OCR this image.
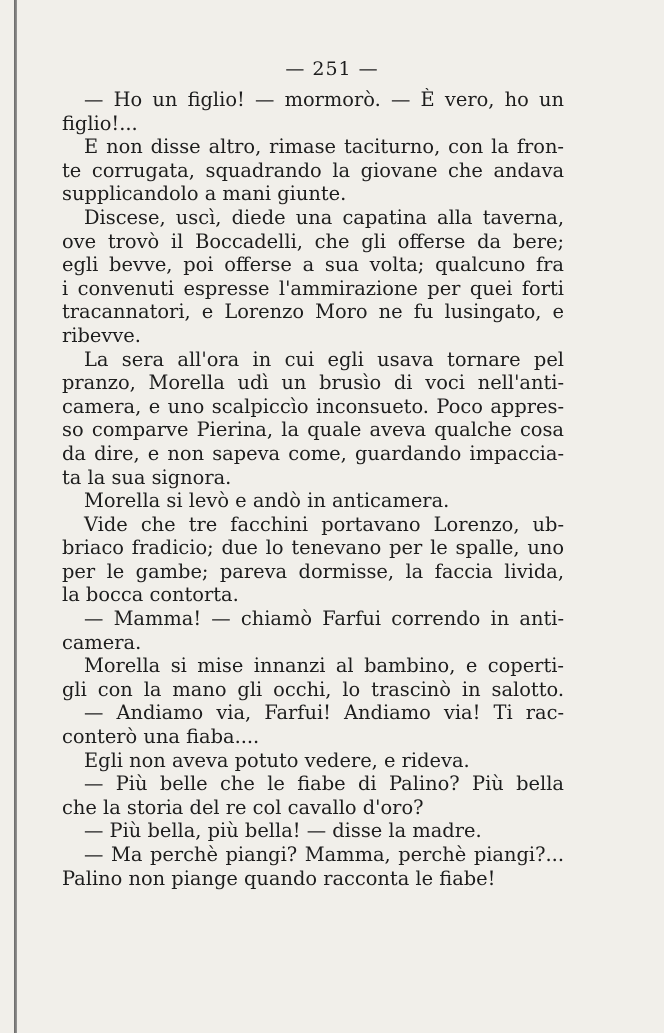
— 251 —
— Ho un figlio! — mormorò. — È vero, ho un
figlio!...
E non disse altro, rimase taciturno, con la fron-
te corrugata, squadrando la giovane che andava
supplicandolo a mani giunte.
Discese, uscì, diede una capatina alla taverna,
ove trovò il Boccadelli, che gli offerse da bere;
egli bevve, poi offerse a sua volta; qualcuno fra
i convenuti espresse l'ammirazione per quei forti
tracannatori, e Lorenzo Moro ne fu lusingato, e
ribevve.
La sera all'ora in cui egli usava tornare pel
pranzo, Morella udì un brusìo di voci nell'anti-
camera, e uno scalpiccìo inconsueto. Poco appres-
so comparve Pierina, la quale aveva qualche cosa
da dire, e non sapeva come, guardando impaccia-
ta la sua signora.
Morella si levò e andò in anticamera.
Vide che tre facchini portavano Lorenzo, ub-
briaco fradicio; due lo tenevano per le spalle, uno
per le gambe; pareva dormisse, la faccia livida,
la bocca contorta.
— Mamma! — chiamò Farfui correndo in anti-
camera.
Morella si mise innanzi al bambino, e coperti-
gli con la mano gli occhi, lo trascinò in salotto.
— Andiamo via, Farfui! Andiamo via! Ti rac-
conterò una fiaba....
Egli non aveva potuto vedere, e rideva.
— Più belle che le fiabe di Palino? Più bella
che la storia del re col cavallo d'oro?
— Più bella, più bella! — disse la madre.
— Ma perchè piangi? Mamma, perchè piangi?...
Palino non piange quando racconta le fiabe!
